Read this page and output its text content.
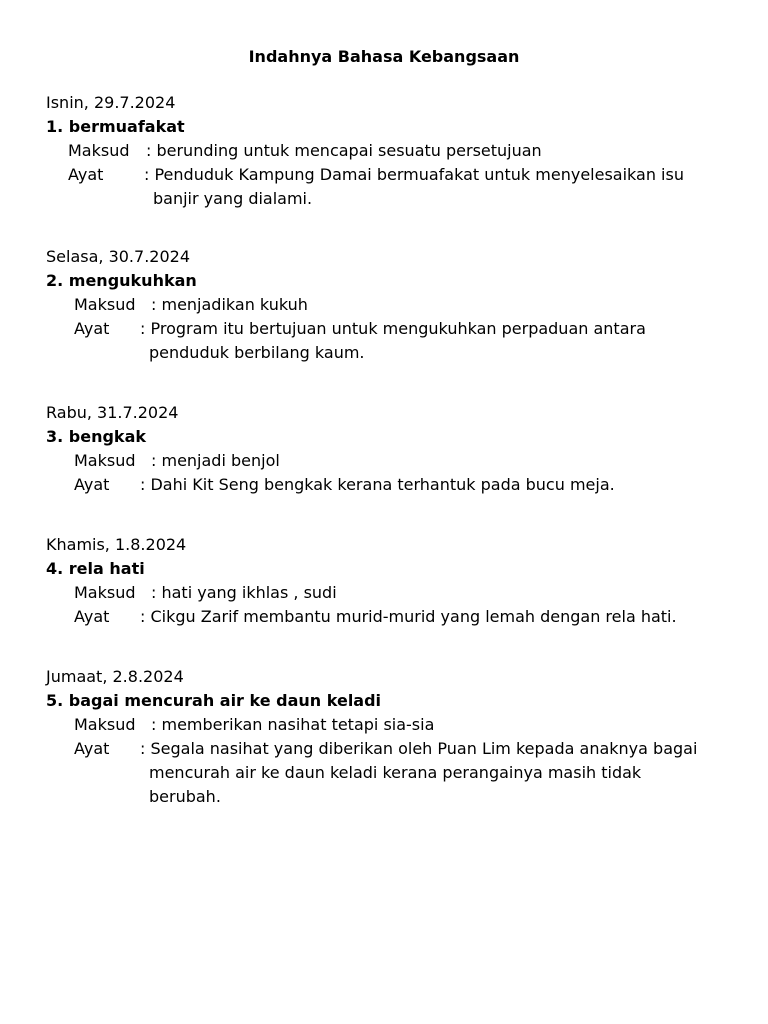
Indahnya Bahasa Kebangsaan

Isnin, 29.7.2024

1. bermuafakat

Maksud : berunding untuk mencapai sesuatu persetujuan
Ayat	: Penduduk Kampung Damai bermuafakat untuk menyelesaikan isu
banjir yang dialami.

Selasa, 30.7.2024

2. mengukuhkan

Maksud : menjadikan kukuh
Ayat : Program itu bertujuan untuk mengukuhkan perpaduan antara
penduduk berbilang kaum.

Rabu, 31.7.2024

3. bengkak

Maksud : menjadi benjol
Ayat : Dahi Kit Seng bengkak kerana terhantuk pada bucu meja.

Khamis, 1.8.2024

4. rela hati

Maksud : hati yang ikhlas , sudi
Ayat : Cikgu Zarif membantu murid-murid yang lemah dengan rela hati.

Jumaat, 2.8.2024

5. bagai mencurah air ke daun keladi

Maksud : memberikan nasihat tetapi sia-sia
Ayat : Segala nasihat yang diberikan oleh Puan Lim kepada anaknya bagai
mencurah air ke daun keladi kerana perangainya masih tidak
berubah.
